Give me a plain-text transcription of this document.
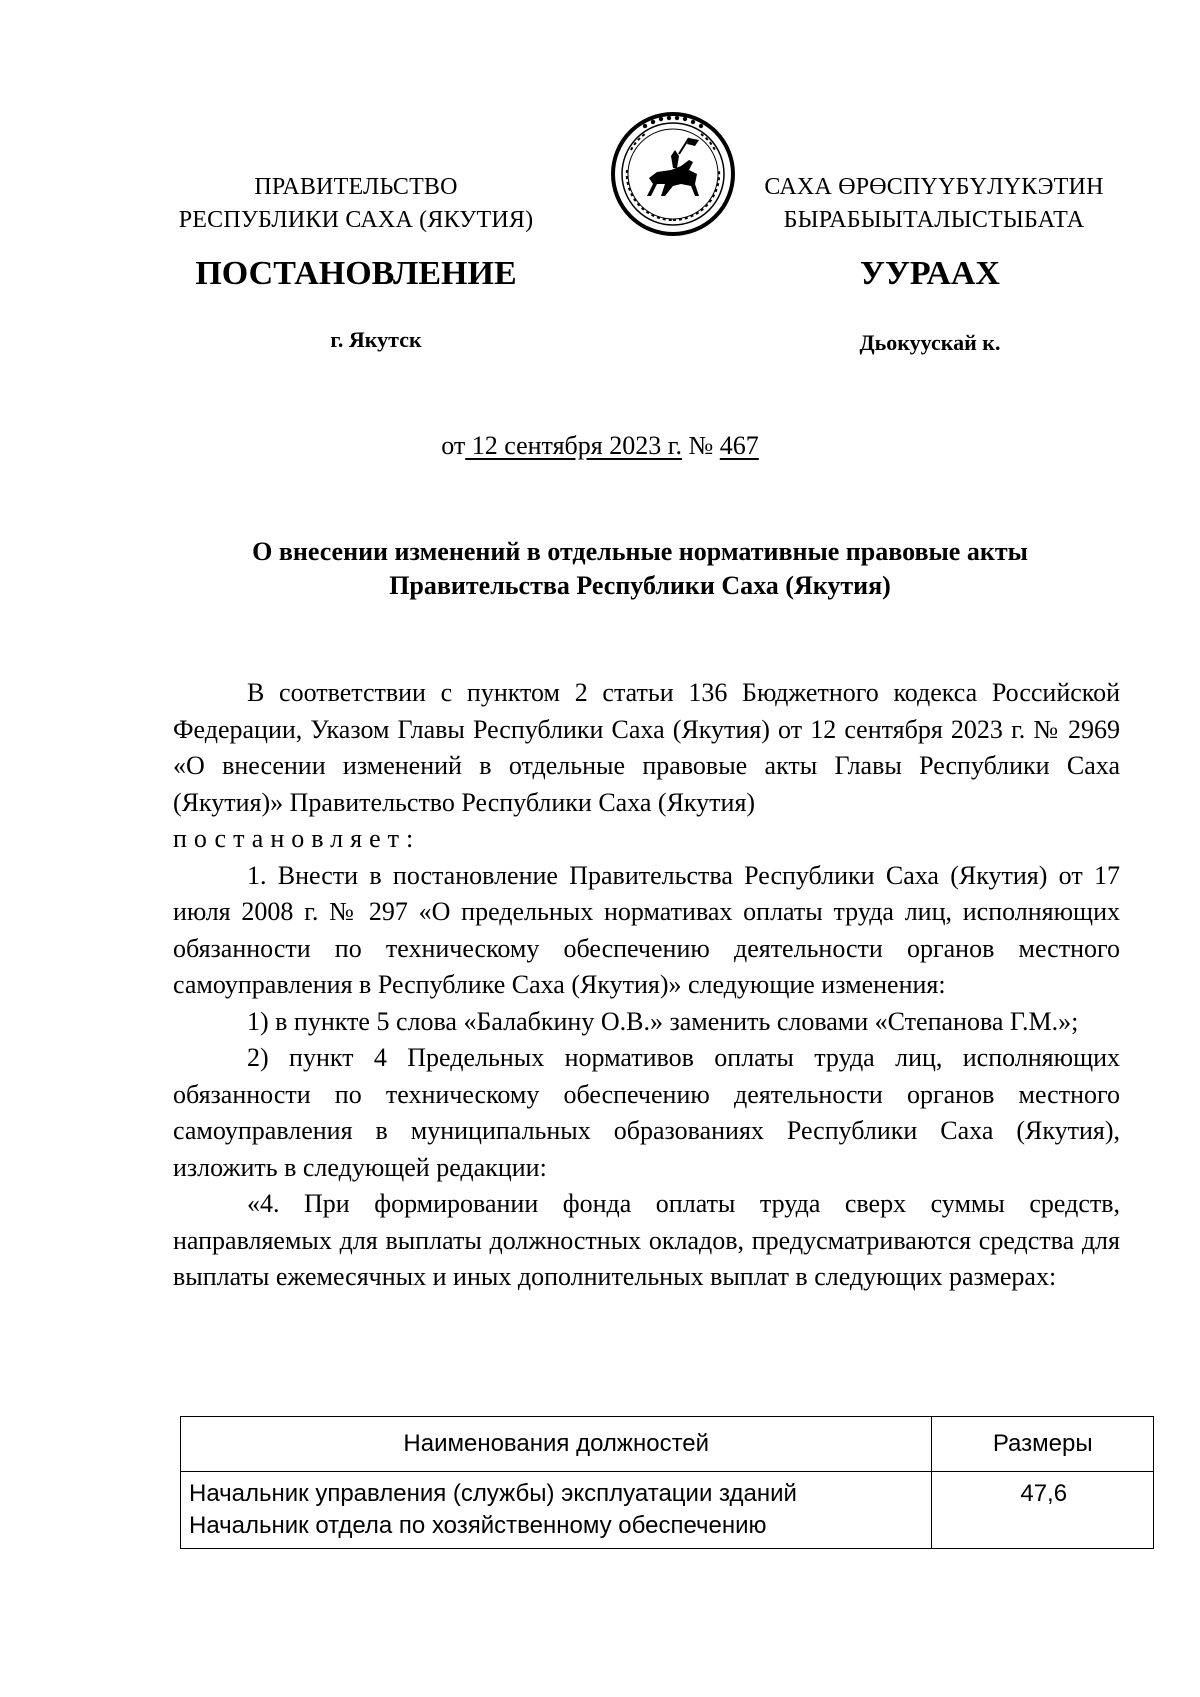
ПРАВИТЕЛЬСТВО
РЕСПУБЛИКИ САХА (ЯКУТИЯ)
САХА ӨРӨСПҮҮБҮЛҮКЭТИН
БЫРАБЫЫТАЛЫСТЫБАТА
ПОСТАНОВЛЕНИЕ	УУРААХ
г. Якутск	Дьокуускай к.
от 12 сентября 2023 г. № 467
О внесении изменений в отдельные нормативные правовые акты
Правительства Республики Саха (Якутия)

В соответствии с пунктом 2 статьи 136 Бюджетного кодекса Российской Федерации, Указом Главы Республики Саха (Якутия) от 12 сентября 2023 г. № 2969 «О внесении изменений в отдельные правовые акты Главы Республики Саха (Якутия)» Правительство Республики Саха (Якутия)
постановляет:

1. Внести в постановление Правительства Республики Саха (Якутия) от 17 июля 2008 г. № 297 «О предельных нормативах оплаты труда лиц, исполняющих обязанности по техническому обеспечению деятельности органов местного самоуправления в Республике Саха (Якутия)» следующие изменения:

1) в пункте 5 слова «Балабкину О.В.» заменить словами «Степанова Г.М.»;

2) пункт 4 Предельных нормативов оплаты труда лиц, исполняющих обязанности по техническому обеспечению деятельности органов местного самоуправления в муниципальных образованиях Республики Саха (Якутия), изложить в следующей редакции:

«4. При формировании фонда оплаты труда сверх суммы средств, направляемых для выплаты должностных окладов, предусматриваются средства для выплаты ежемесячных и иных дополнительных выплат в следующих размерах:

Наименования должностей	Размеры

Начальник управления (службы) эксплуатации зданий
Начальник отдела по хозяйственному обеспечению	47,6
